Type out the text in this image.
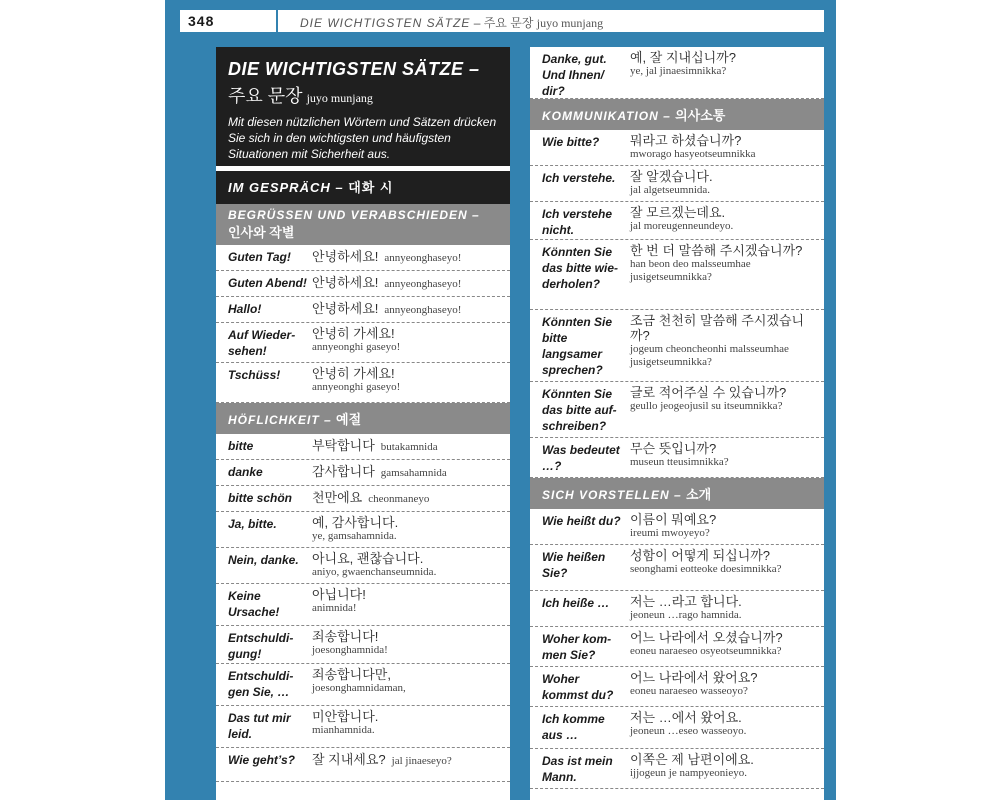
348	DIE WICHTIGSTEN SÄTZE – 주요 문장 juyo munjang
DIE WICHTIGSTEN SÄTZE –
주요 문장 juyo munjang
Mit diesen nützlichen Wörtern und Sätzen drücken Sie sich in den wichtigsten und häufigsten Situationen mit Sicherheit aus.
IM GESPRÄCH – 대화 시
BEGRÜSSEN UND VERABSCHIEDEN –
인사와 작별
Guten Tag!	안녕하세요! annyeonghaseyo!
Guten Abend! 안녕하세요! annyeonghaseyo!
Hallo!	안녕하세요! annyeonghaseyo!
Auf Wieder-sehen!
안녕히 가세요!
annyeonghi gaseyo!
Tschüss!	안녕히 가세요!
annyeonghi gaseyo!
HÖFLICHKEIT – 예절
bitte	부탁합니다 butakamnida
danke	감사합니다 gamsahamnida
bitte schön	천만에요 cheonmaneyo
Ja, bitte.	예, 감사합니다.
ye, gamsahamnida.
Nein, danke.	아니요, 괜찮습니다.
aniyo, gwaenchanseumnida.
Keine Ursache!
아닙니다!
animnida!
Entschuldi-gung!
죄송합니다!
joesonghamnida!
Entschuldi-gen Sie, …
죄송합니다만,
joesonghamnidaman,
Das tut mir leid.
미안합니다.
mianhamnida.
Wie geht’s?	잘 지내세요? jal jinaeseyo?
Danke, gut. Und Ihnen/ dir?
예, 잘 지내십니까?
ye, jal jinaesimnikka?
KOMMUNIKATION – 의사소통
Wie bitte?	뭐라고 하셨습니까?
mworago hasyeotseumnikka
Ich verstehe.	잘 알겠습니다.
jal algetseumnida.
Ich verstehe nicht.
잘 모르겠는데요.
jal moreugenneundeyo.
Könnten Sie das bitte wie-derholen?
한 번 더 말씀해 주시겠습니까?
han beon deo malsseumhae jusigetseumnikka?
Könnten Sie bitte langsamer sprechen?
조금 천천히 말씀해 주시겠습니까?
jogeum cheoncheonhi malsseumhae jusigetseumnikka?
Könnten Sie das bitte auf-schreiben?
글로 적어주실 수 있습니까?
geullo jeogeojusil su itseumnikka?
Was bedeutet …?
무슨 뜻입니까?
museun tteusimnikka?
SICH VORSTELLEN – 소개
Wie heißt du? 이름이 뭐예요?
ireumi mwoyeyo?
Wie heißen Sie?
성함이 어떻게 되십니까?
seonghami eotteoke doesimnikka?
Ich heiße …	저는 …라고 합니다.
jeoneun …rago hamnida.
Woher kom-men Sie?
어느 나라에서 오셨습니까?
eoneu naraeseo osyeotseumnikka?
Woher kommst du?
어느 나라에서 왔어요?
eoneu naraeseo wasseoyo?
Ich komme aus …
저는 …에서 왔어요.
jeoneun …eseo wasseoyo.
Das ist mein Mann.
이쪽은 제 남편이에요.
ijjogeun je nampyeonieyo.
